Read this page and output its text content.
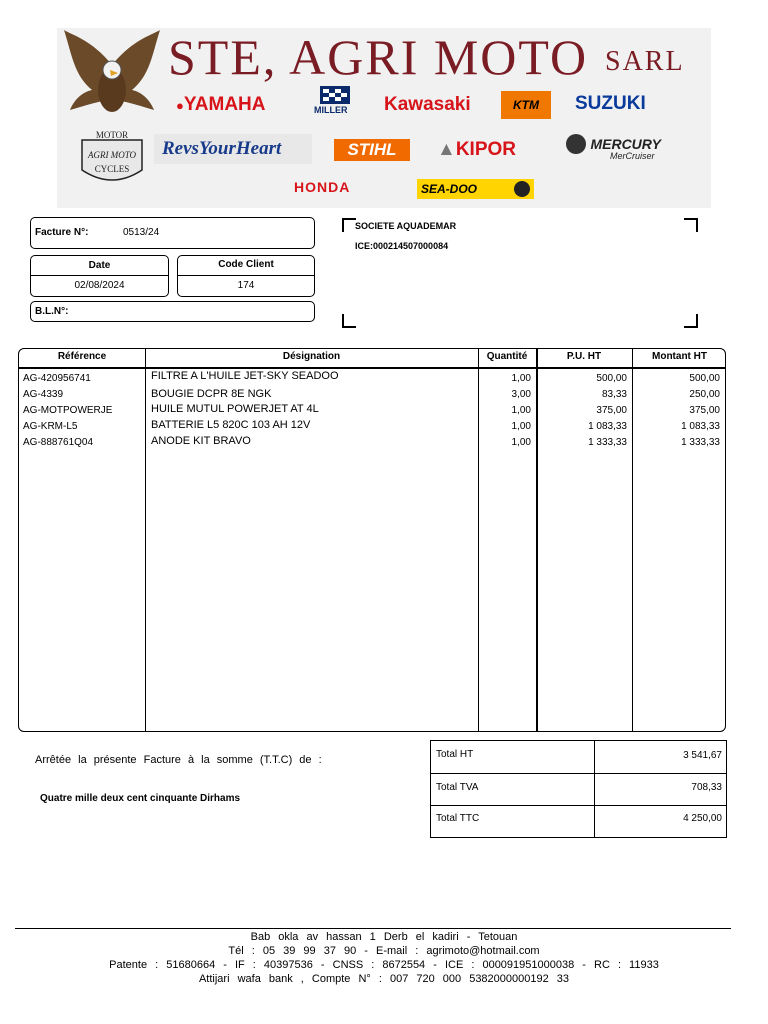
MOTOR
AGRI MOTO
CYCLES
STE, AGRI MOTO SARL
●YAMAHA	MILLER Kawasaki	KTM	SUZUKI
RevsYourHeart	STIHL	▲KIPOR	MERCURY
MerCruiser
HONDA	SEA-DOO
Facture N°:	0513/24
Date
02/08/2024
Code Client
174
B.L.N°:
SOCIETE AQUADEMAR
ICE:000214507000084
Référence	Désignation	Quantité	P.U. HT	Montant HT
AG-420956741	FILTRE A L'HUILE JET-SKY SEADOO	1,00	500,00	500,00
AG-4339	BOUGIE DCPR 8E NGK	3,00	83,33	250,00
AG-MOTPOWERJE	HUILE MUTUL POWERJET AT 4L	1,00	375,00	375,00
AG-KRM-L5	BATTERIE L5 820C 103 AH 12V	1,00	1 083,33	1 083,33
AG-888761Q04	ANODE KIT BRAVO	1,00	1 333,33	1 333,33
Arrêtée la présente Facture à la somme (T.T.C) de :
Quatre mille deux cent cinquante Dirhams
Total HT	3 541,67
Total TVA	708,33
Total TTC	4 250,00
Bab okla av hassan 1 Derb el kadiri - Tetouan
Tél : 05 39 99 37 90 - E-mail : agrimoto@hotmail.com
Patente : 51680664 - IF : 40397536 - CNSS : 8672554 - ICE : 000091951000038 - RC : 11933
Attijari wafa bank , Compte N° : 007 720 000 5382000000192 33
